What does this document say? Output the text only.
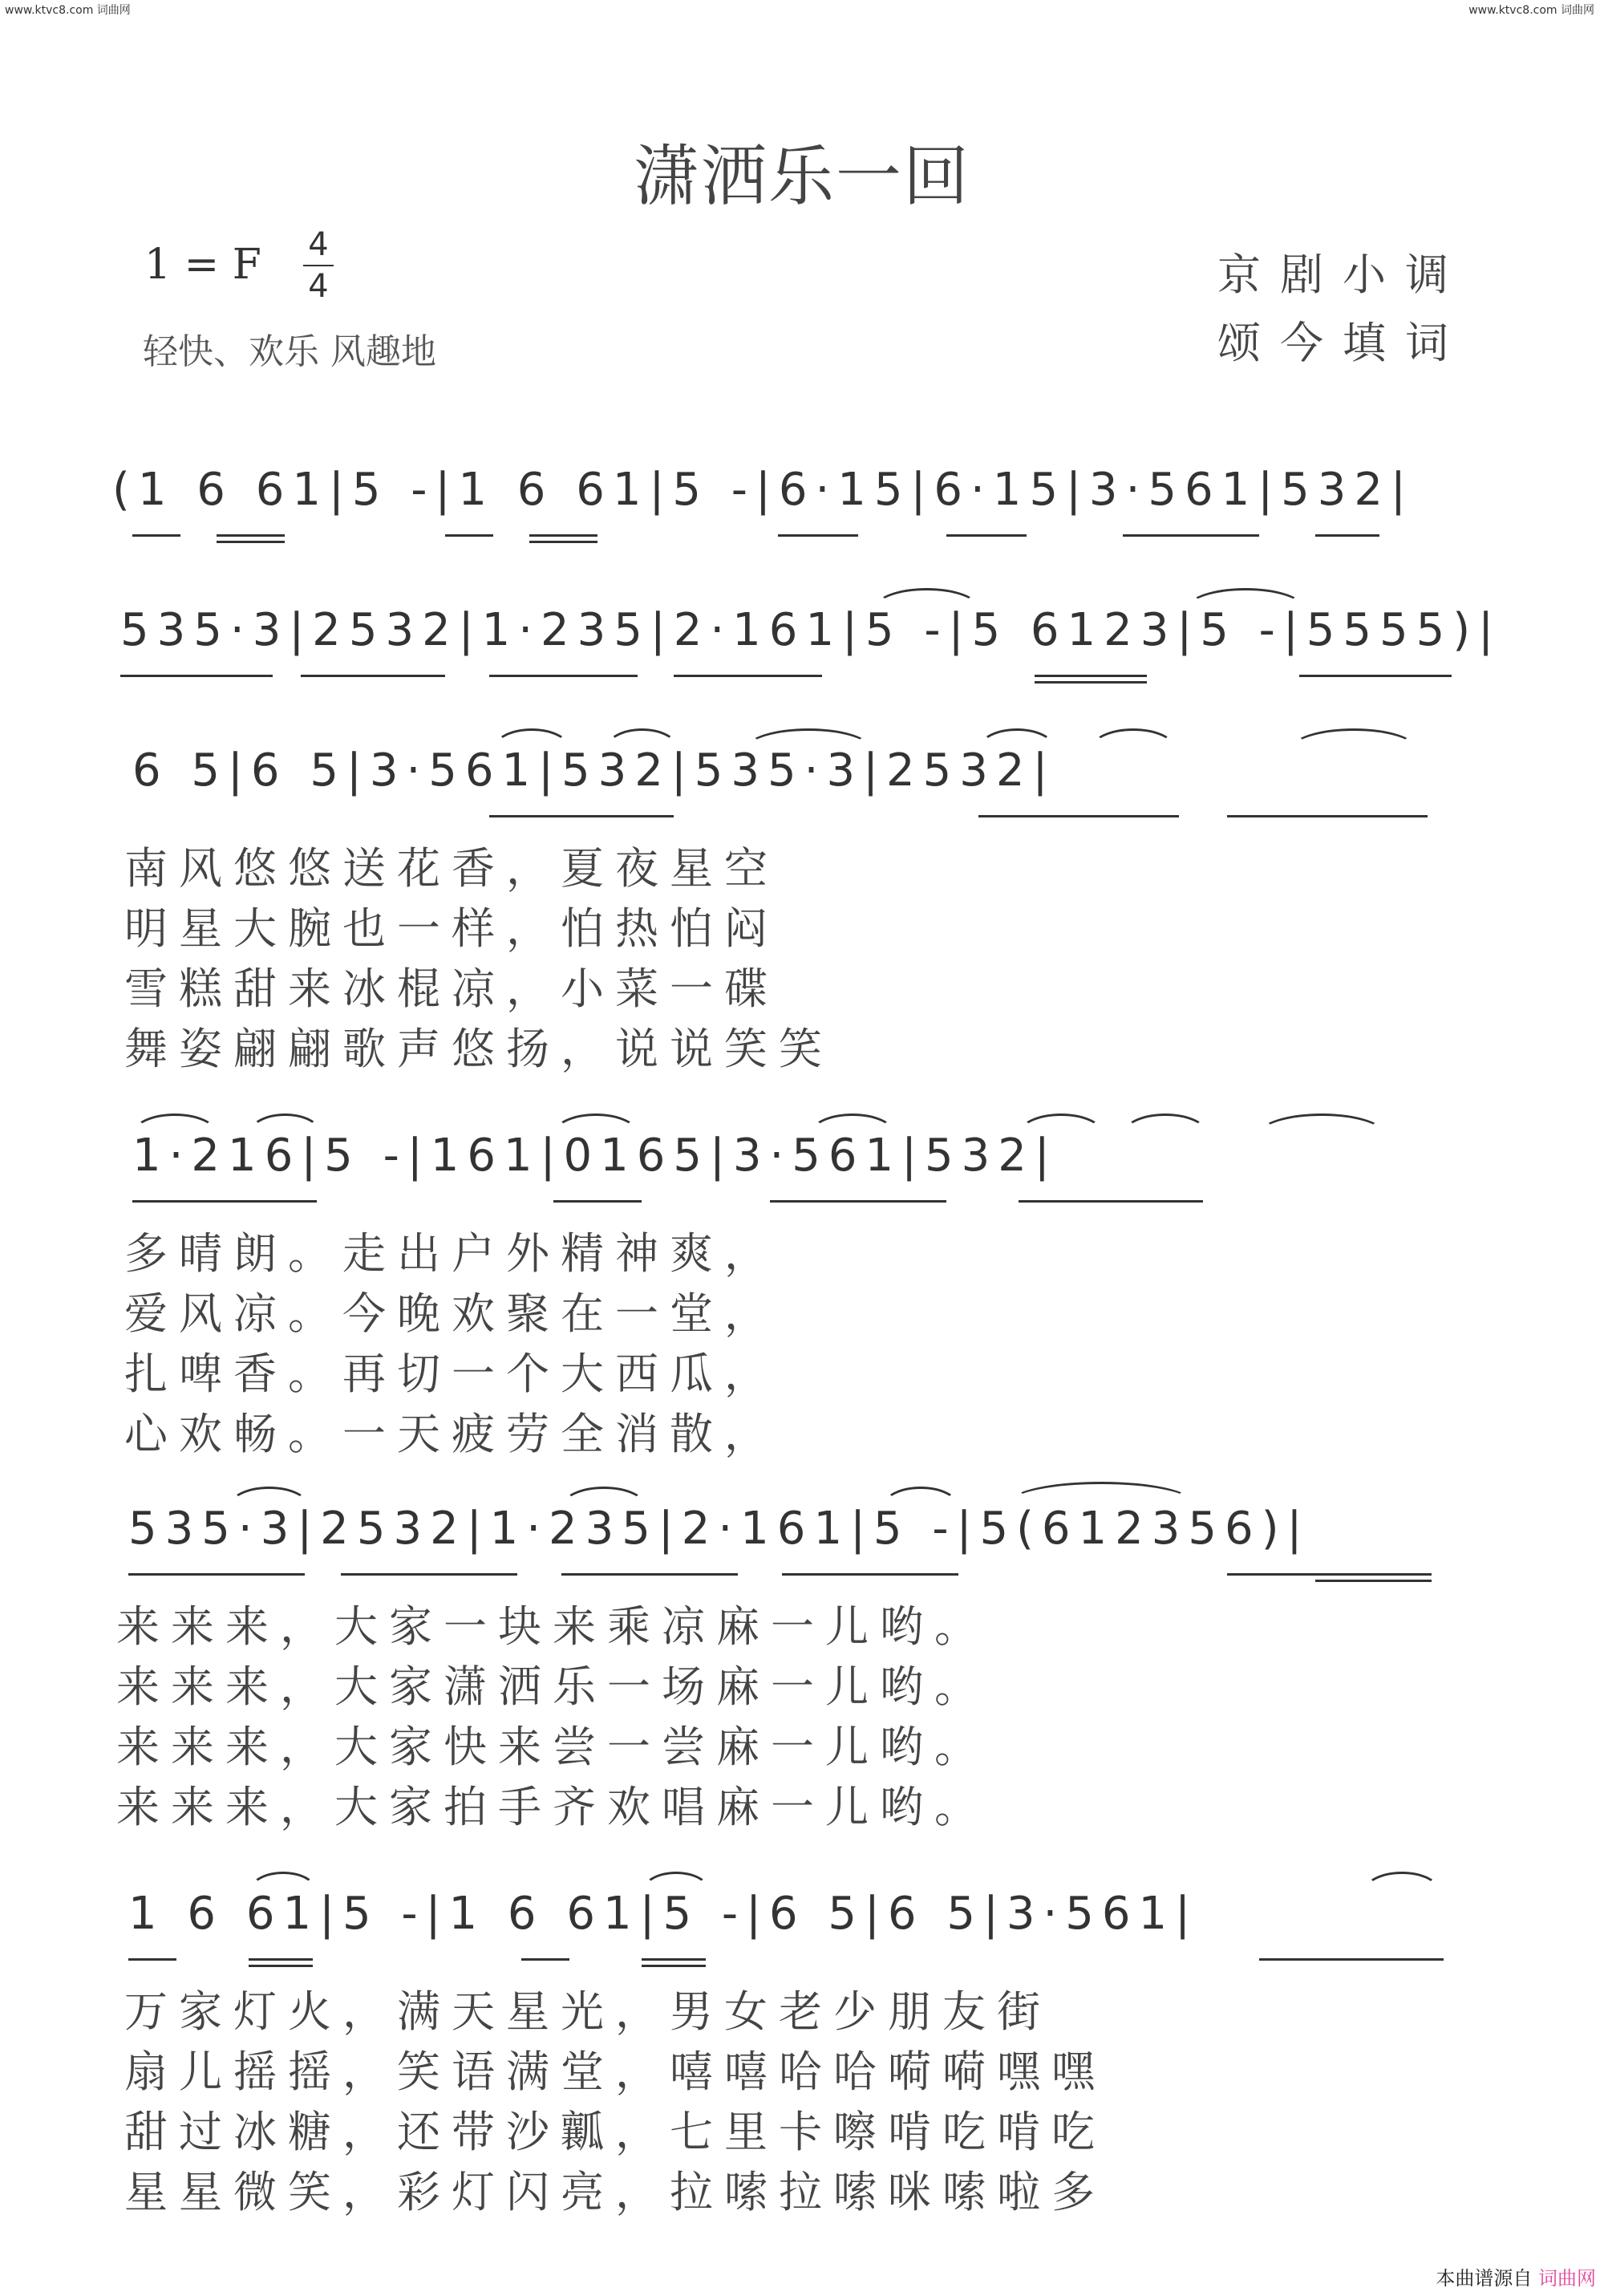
www.ktvc8.com 词曲网	www.ktvc8.com 词曲网
潇洒乐一回
1 = F	4
4
轻快、欢乐 风趣地
京剧小调
颂今填词
(1 6 61|5 -|1 6 61|5 -|6·15|6·15|3·561|532|
535·3|2532|1·235|2·161|5 -|5 6123|5 -|5555)|
6 5|6 5|3·561|532|535·3|2532|
南风悠悠送花香，夏夜星空
明星大腕也一样，怕热怕闷
雪糕甜来冰棍凉，小菜一碟
舞姿翩翩歌声悠扬，说说笑笑
1·216|5 -|161|0165|3·561|532|
多晴朗。走出户外精神爽，
爱风凉。今晚欢聚在一堂，
扎啤香。再切一个大西瓜，
心欢畅。一天疲劳全消散，
535·3|2532|1·235|2·161|5 -|5(612356)|
来来来，大家一块来乘凉麻一儿哟。
来来来，大家潇洒乐一场麻一儿哟。
来来来，大家快来尝一尝麻一儿哟。
来来来，大家拍手齐欢唱麻一儿哟。
1 6 61|5 -|1 6 61|5 -|6 5|6 5|3·561|
万家灯火，满天星光，男女老少朋友街
扇儿摇摇，笑语满堂，嘻嘻哈哈嗬嗬嘿嘿
甜过冰糖，还带沙瓤，七里卡嚓啃吃啃吃
星星微笑，彩灯闪亮，拉嗦拉嗦咪嗦啦多
本曲谱源自 词曲网
